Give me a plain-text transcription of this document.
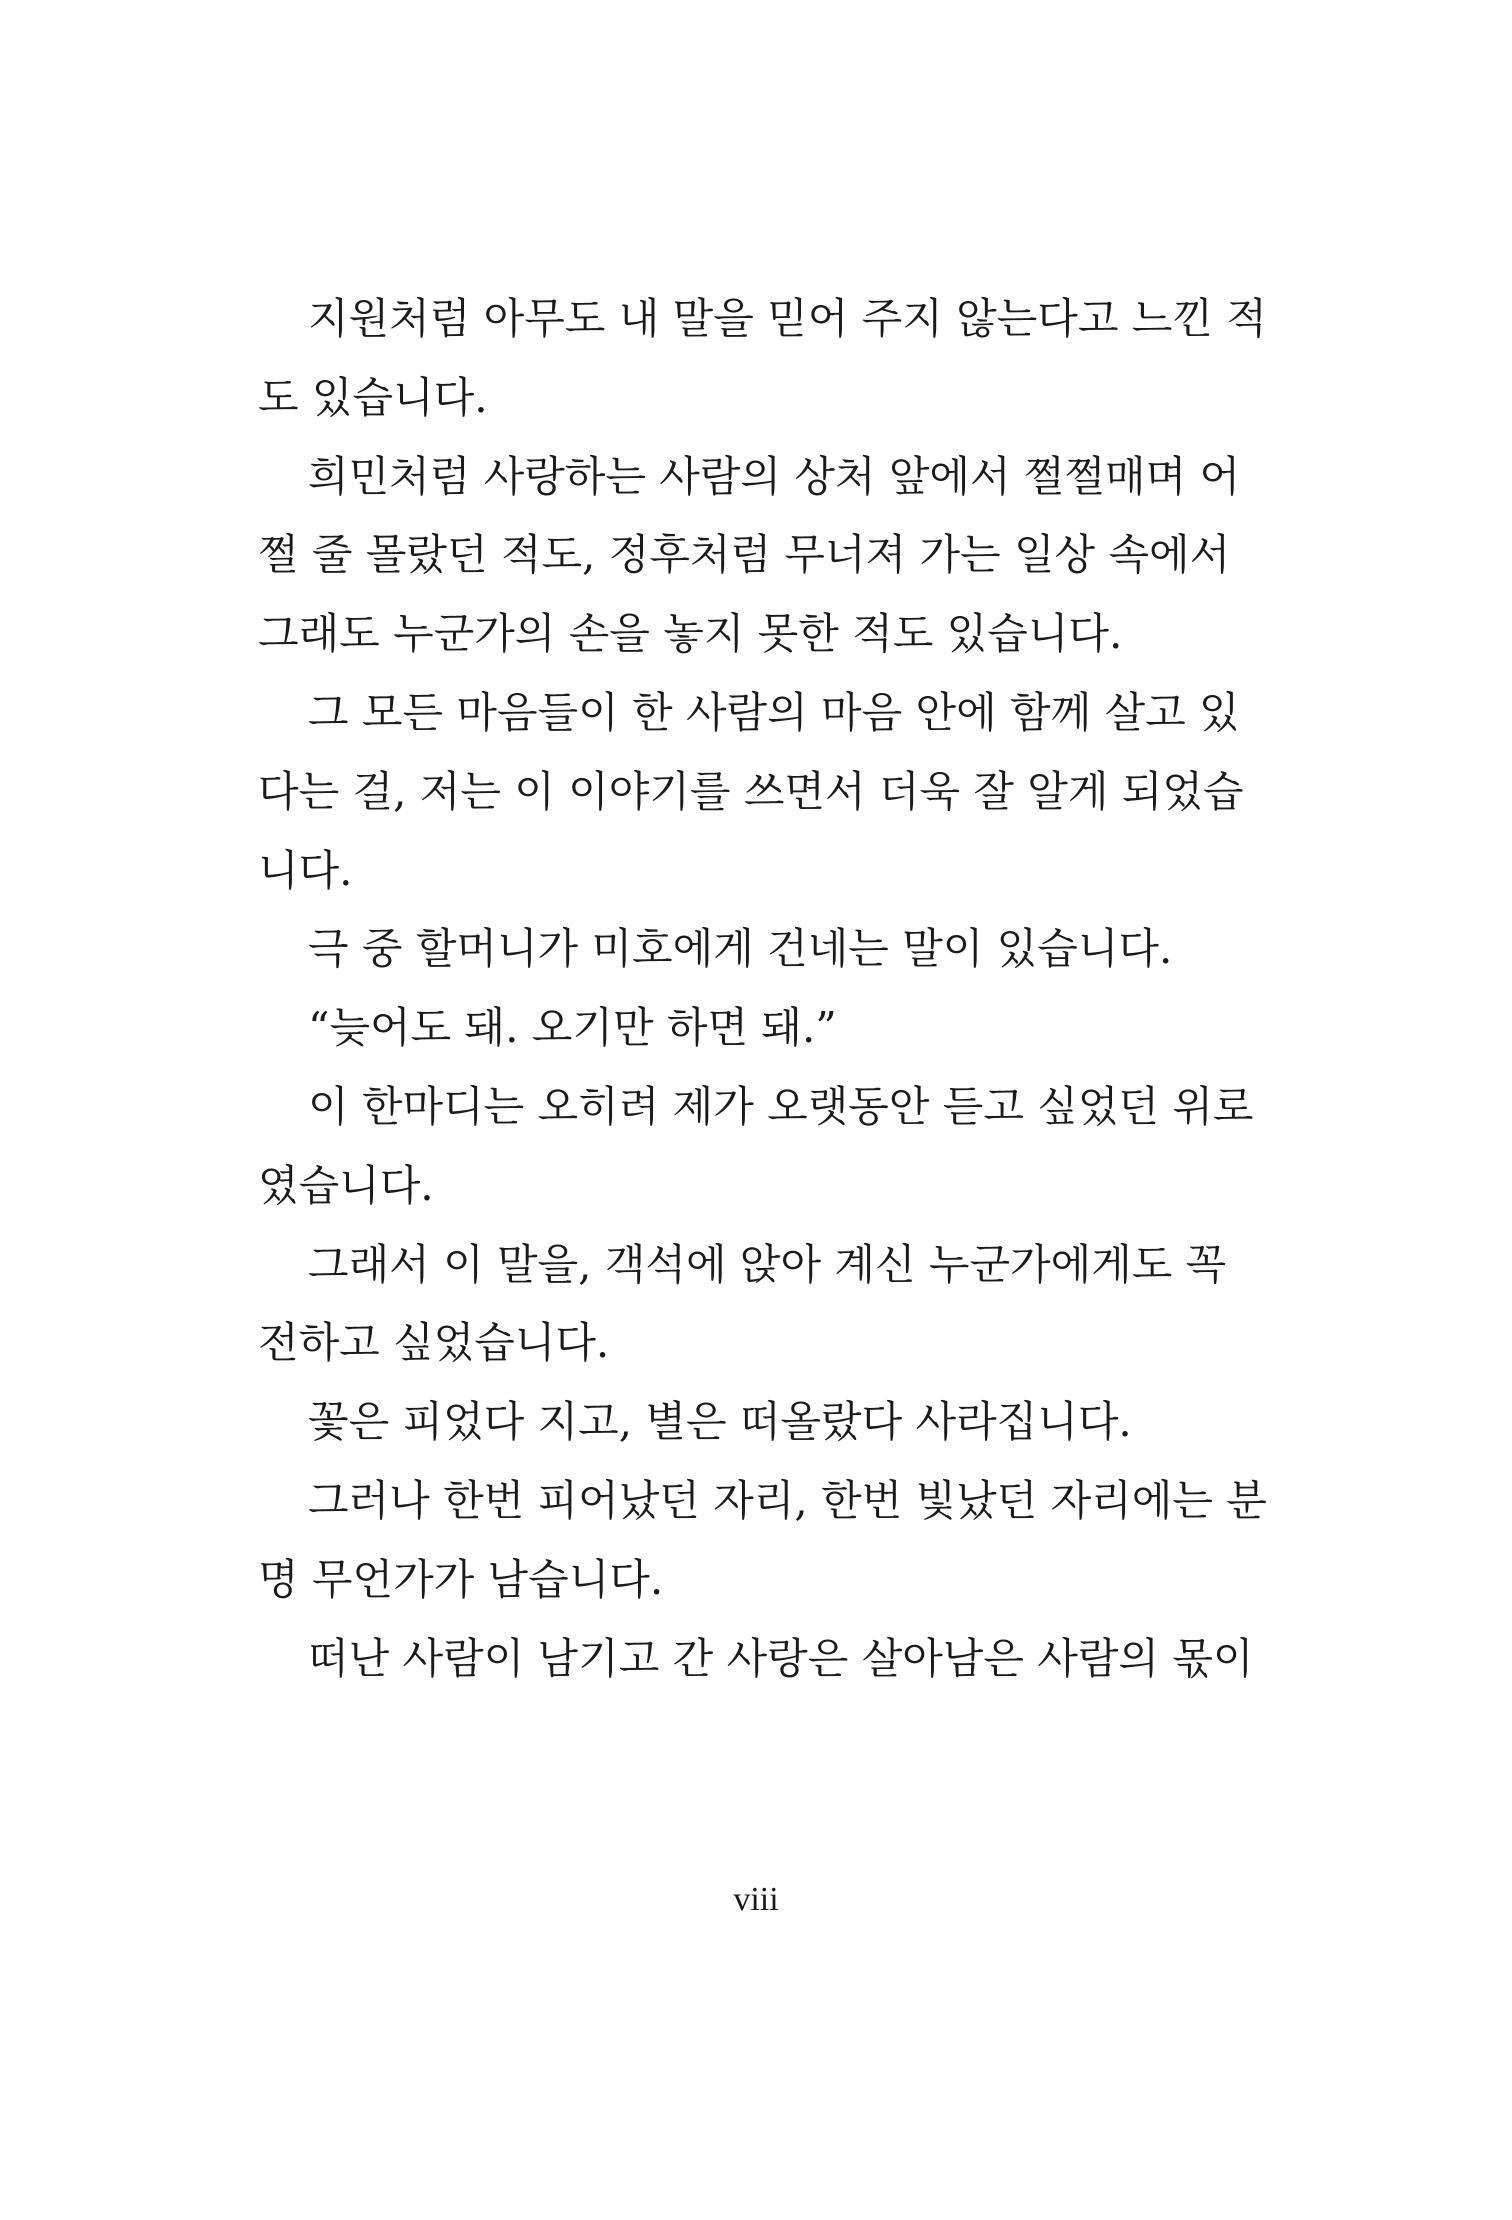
지원처럼 아무도 내 말을 믿어 주지 않는다고 느낀 적
도 있습니다.
희민처럼 사랑하는 사람의 상처 앞에서 쩔쩔매며 어
쩔 줄 몰랐던 적도, 정후처럼 무너져 가는 일상 속에서
그래도 누군가의 손을 놓지 못한 적도 있습니다.
그 모든 마음들이 한 사람의 마음 안에 함께 살고 있
다는 걸, 저는 이 이야기를 쓰면서 더욱 잘 알게 되었습
니다.
극 중 할머니가 미호에게 건네는 말이 있습니다.
“늦어도 돼. 오기만 하면 돼.”
이 한마디는 오히려 제가 오랫동안 듣고 싶었던 위로
였습니다.
그래서 이 말을, 객석에 앉아 계신 누군가에게도 꼭
전하고 싶었습니다.
꽃은 피었다 지고, 별은 떠올랐다 사라집니다.
그러나 한번 피어났던 자리, 한번 빛났던 자리에는 분
명 무언가가 남습니다.
떠난 사람이 남기고 간 사랑은 살아남은 사람의 몫이
viii
